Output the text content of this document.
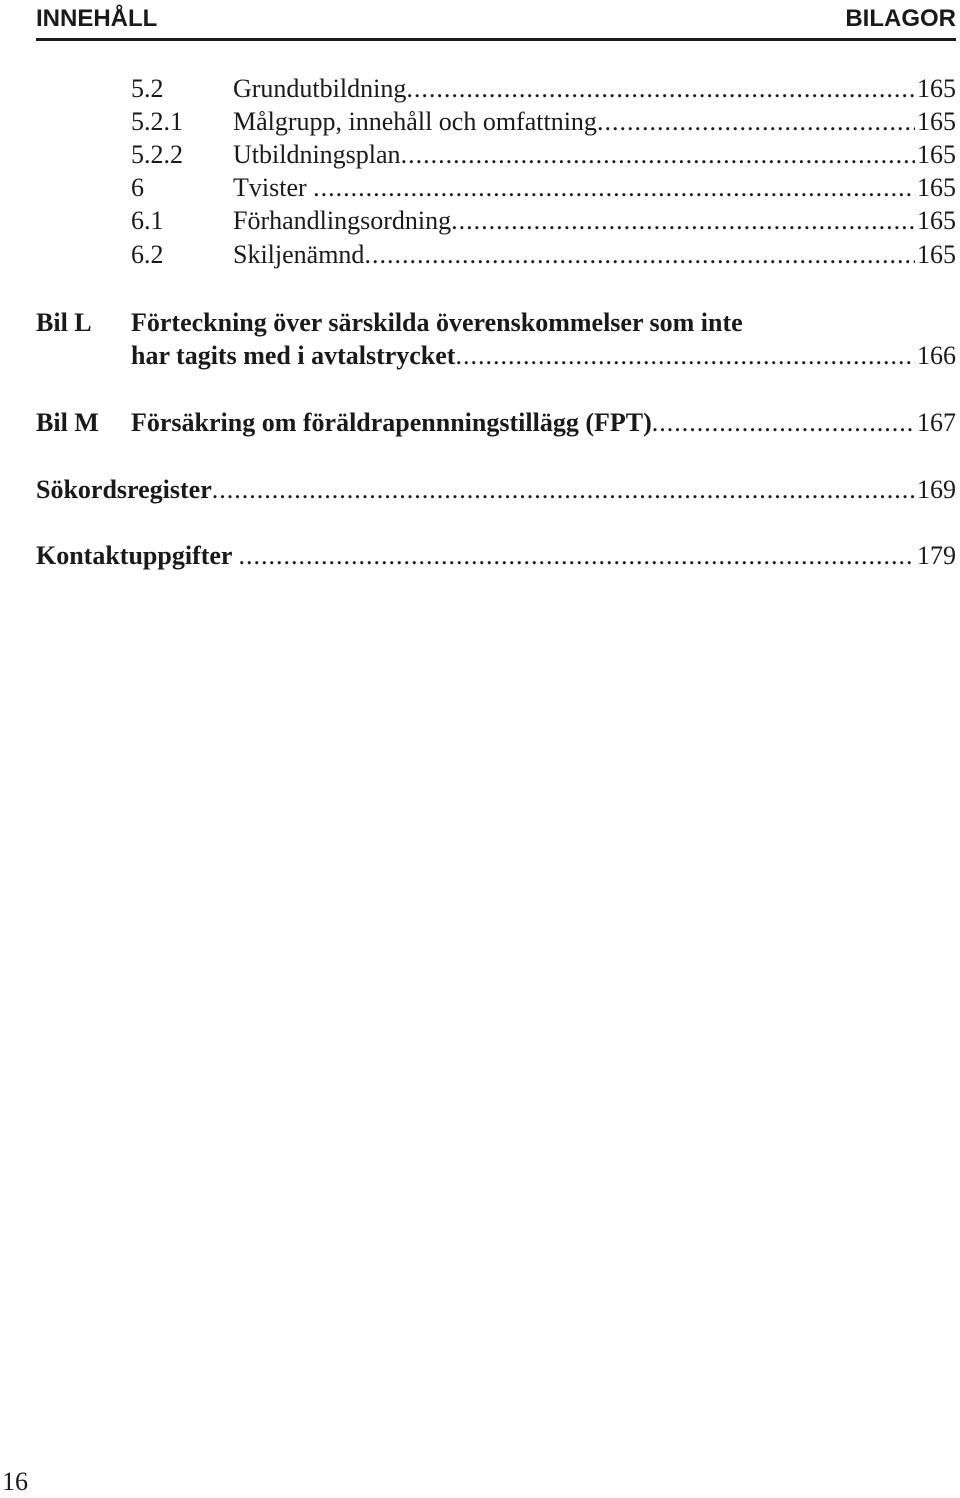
INNEHÅLL	BILAGOR
5.2	Grundutbildning .....	165
5.2.1 Målgrupp, innehåll och omfattning .....	165
5.2.2 Utbildningsplan .....	165
6	Tvister .....	165
6.1	Förhandlingsordning .....	165
6.2	Skiljenämnd .....	165
Bil L Förteckning över särskilda överenskommelser som inte
har tagits med i avtalstrycket .....	166
Bil M Försäkring om föräldrapennningstillägg (FPT) .....	167
Sökordsregister .....	169
Kontaktuppgifter .....	179
16
